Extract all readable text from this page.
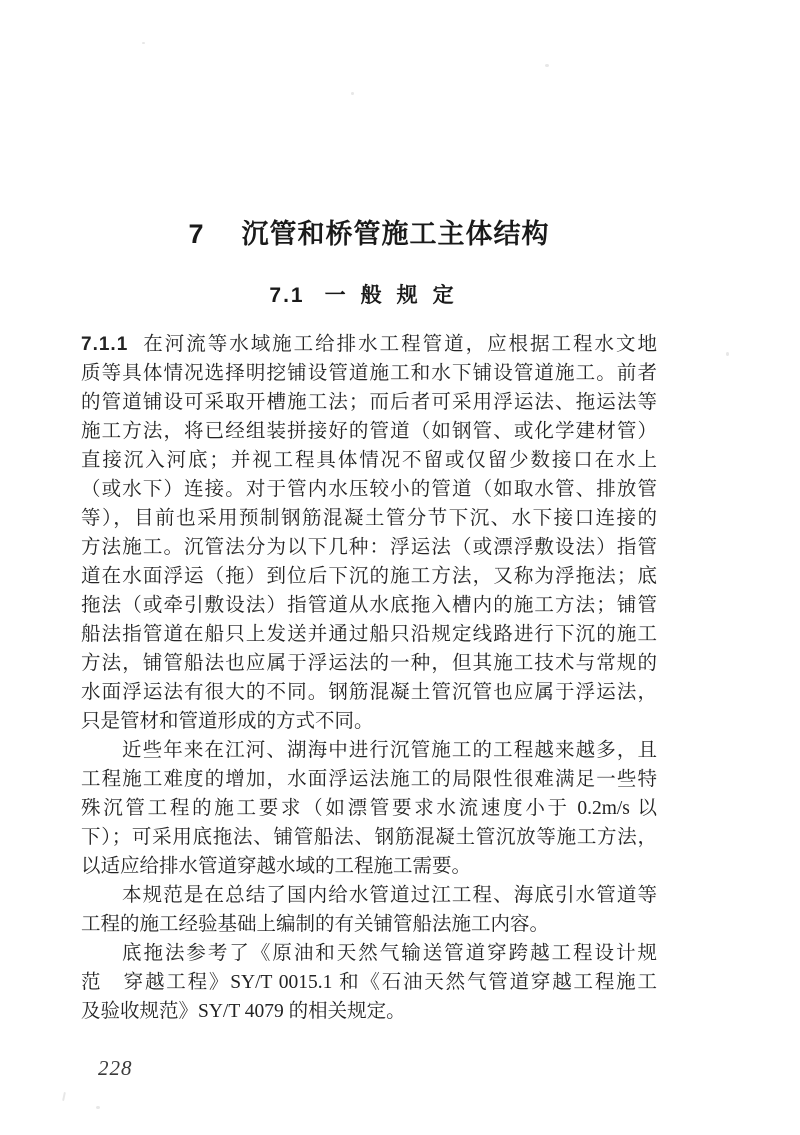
7 沉管和桥管施工主体结构
7.1 一般规定
7.1.1 在河流等水域施工给排水工程管道，应根据工程水文地
质等具体情况选择明挖铺设管道施工和水下铺设管道施工。前者
的管道铺设可采取开槽施工法；而后者可采用浮运法、拖运法等
施工方法，将已经组装拼接好的管道（如钢管、或化学建材管）
直接沉入河底；并视工程具体情况不留或仅留少数接口在水上
（或水下）连接。对于管内水压较小的管道（如取水管、排放管
等），目前也采用预制钢筋混凝土管分节下沉、水下接口连接的
方法施工。沉管法分为以下几种：浮运法（或漂浮敷设法）指管
道在水面浮运（拖）到位后下沉的施工方法，又称为浮拖法；底
拖法（或牵引敷设法）指管道从水底拖入槽内的施工方法；铺管
船法指管道在船只上发送并通过船只沿规定线路进行下沉的施工
方法，铺管船法也应属于浮运法的一种，但其施工技术与常规的
水面浮运法有很大的不同。钢筋混凝土管沉管也应属于浮运法，
只是管材和管道形成的方式不同。
近些年来在江河、湖海中进行沉管施工的工程越来越多，且
工程施工难度的增加，水面浮运法施工的局限性很难满足一些特
殊沉管工程的施工要求（如漂管要求水流速度小于 0.2m/s 以
下）；可采用底拖法、铺管船法、钢筋混凝土管沉放等施工方法，
以适应给排水管道穿越水域的工程施工需要。
本规范是在总结了国内给水管道过江工程、海底引水管道等
工程的施工经验基础上编制的有关铺管船法施工内容。
底拖法参考了《原油和天然气输送管道穿跨越工程设计规
范　穿越工程》SY/T 0015.1 和《石油天然气管道穿越工程施工
及验收规范》SY/T 4079 的相关规定。
228
